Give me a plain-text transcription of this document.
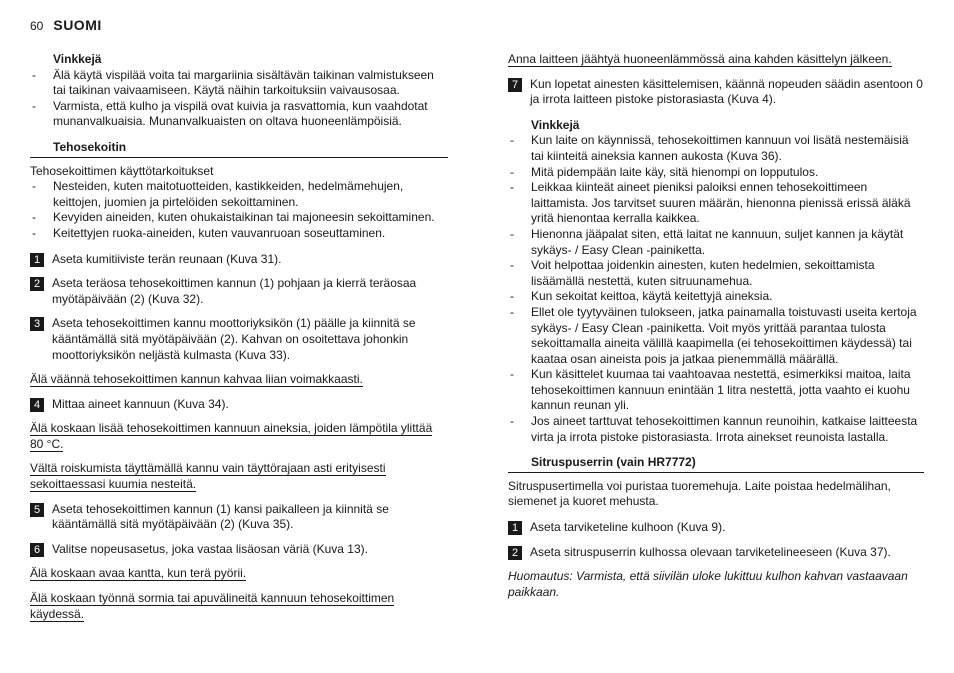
60 SUOMI
Vinkkejä
- Älä käytä vispilää voita tai margariinia sisältävän taikinan valmistukseen tai taikinan vaivaamiseen. Käytä näihin tarkoituksiin vaivausosaa.
- Varmista, että kulho ja vispilä ovat kuivia ja rasvattomia, kun vaahdotat munanvalkuaisia. Munanvalkuaisten on oltava huoneenlämpöisiä.
Tehosekoitin

Tehosekoittimen käyttötarkoitukset

- Nesteiden, kuten maitotuotteiden, kastikkeiden, hedelmämehujen, keittojen, juomien ja pirtelöiden sekoittaminen.
- Kevyiden aineiden, kuten ohukaistaikinan tai majoneesin sekoittaminen.
- Keitettyjen ruoka-aineiden, kuten vauvanruoan soseuttaminen.
1 Aseta kumitiiviste terän reunaan (Kuva 31).
2 Aseta teräosa tehosekoittimen kannun (1) pohjaan ja kierrä teräosaa myötäpäivään (2) (Kuva 32).
3 Aseta tehosekoittimen kannu moottoriyksikön (1) päälle ja kiinnitä se kääntämällä sitä myötäpäivään (2). Kahvan on osoitettava johonkin moottoriyksikön neljästä kulmasta (Kuva 33).
Älä väännä tehosekoittimen kannun kahvaa liian voimakkaasti.
4 Mittaa aineet kannuun (Kuva 34).
Älä koskaan lisää tehosekoittimen kannuun aineksia, joiden lämpötila ylittää 80 °C.
Vältä roiskumista täyttämällä kannu vain täyttörajaan asti erityisesti sekoittaessasi kuumia nesteitä.
5 Aseta tehosekoittimen kannun (1) kansi paikalleen ja kiinnitä se kääntämällä sitä myötäpäivään (2) (Kuva 35).
6 Valitse nopeusasetus, joka vastaa lisäosan väriä (Kuva 13).
Älä koskaan avaa kantta, kun terä pyörii.
Älä koskaan työnnä sormia tai apuvälineitä kannuun tehosekoittimen käydessä.
Anna laitteen jäähtyä huoneenlämmössä aina kahden käsittelyn jälkeen.
7 Kun lopetat ainesten käsittelemisen, käännä nopeuden säädin asentoon 0 ja irrota laitteen pistoke pistorasiasta (Kuva 4).
Vinkkejä
- Kun laite on käynnissä, tehosekoittimen kannuun voi lisätä nestemäisiä tai kiinteitä aineksia kannen aukosta (Kuva 36).
- Mitä pidempään laite käy, sitä hienompi on lopputulos.
- Leikkaa kiinteät aineet pieniksi paloiksi ennen tehosekoittimeen laittamista. Jos tarvitset suuren määrän, hienonna pienissä erissä äläkä yritä hienontaa kerralla kaikkea.
- Hienonna jääpalat siten, että laitat ne kannuun, suljet kannen ja käytät sykäys- / Easy Clean -painiketta.
- Voit helpottaa joidenkin ainesten, kuten hedelmien, sekoittamista lisäämällä nestettä, kuten sitruunamehua.
- Kun sekoitat keittoa, käytä keitettyjä aineksia.
- Ellet ole tyytyväinen tulokseen, jatka painamalla toistuvasti useita kertoja sykäys- / Easy Clean -painiketta. Voit myös yrittää parantaa tulosta sekoittamalla aineita välillä kaapimella (ei tehosekoittimen käydessä) tai kaataa osan aineista pois ja jatkaa pienemmällä määrällä.
- Kun käsittelet kuumaa tai vaahtoavaa nestettä, esimerkiksi maitoa, laita tehosekoittimen kannuun enintään 1 litra nestettä, jotta vaahto ei kuohu kannun reunan yli.
- Jos aineet tarttuvat tehosekoittimen kannun reunoihin, katkaise laitteesta virta ja irrota pistoke pistorasiasta. Irrota ainekset reunoista lastalla.
Sitruspuserrin (vain HR7772)

Sitruspusertimella voi puristaa tuoremehuja. Laite poistaa hedelmälihan, siemenet ja kuoret mehusta.

1 Aseta tarviketeline kulhoon (Kuva 9).
2 Aseta sitruspuserrin kulhossa olevaan tarviketelineeseen (Kuva 37).

Huomautus: Varmista, että siivilän uloke lukittuu kulhon kahvan vastaavaan paikkaan.
